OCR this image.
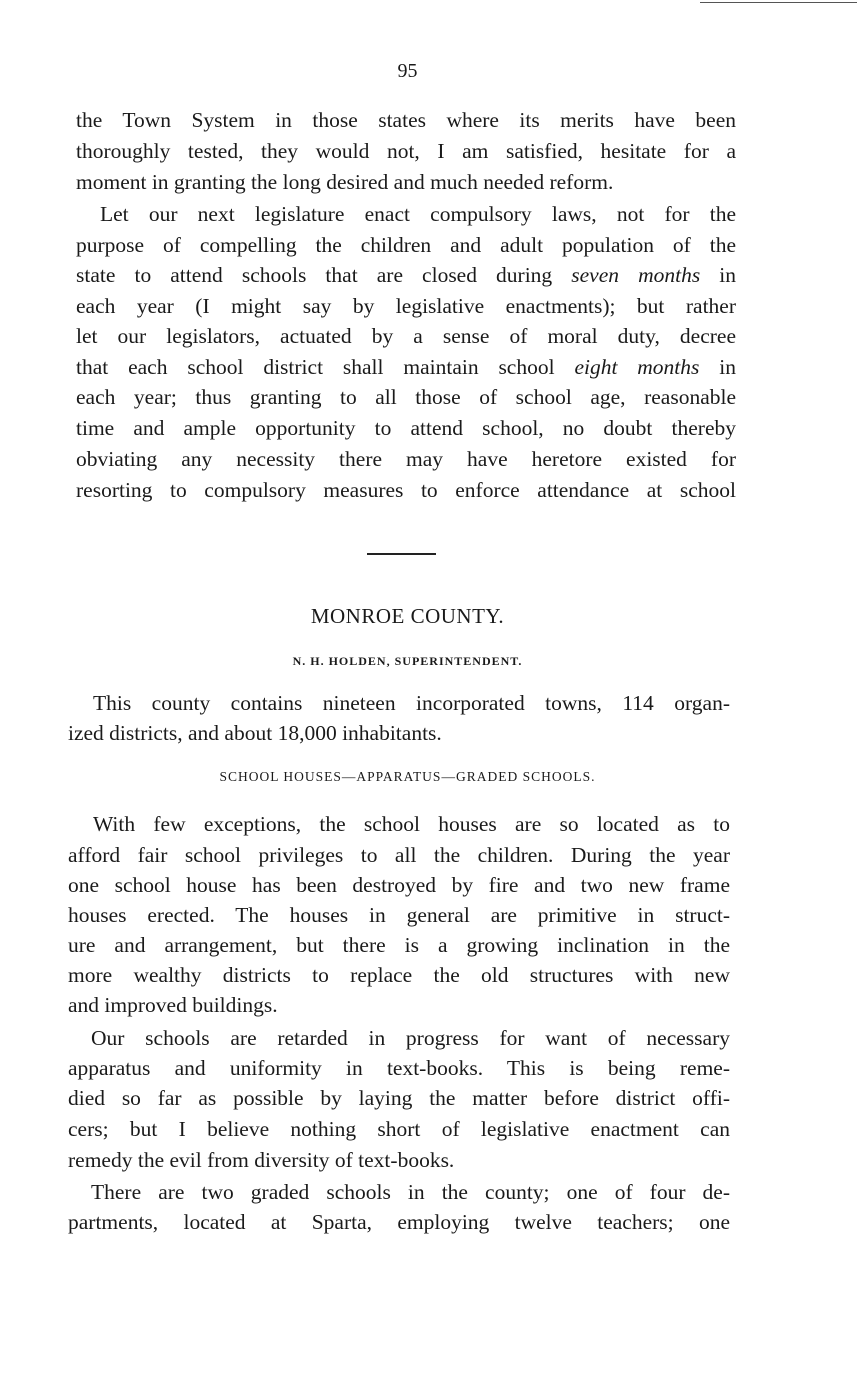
95
the Town System in those states where its merits have been
thoroughly tested, they would not, I am satisfied, hesitate for a
moment in granting the long desired and much needed reform.
Let our next legislature enact compulsory laws, not for the
purpose of compelling the children and adult population of the
state to attend schools that are closed during seven months in
each year (I might say by legislative enactments); but rather
let our legislators, actuated by a sense of moral duty, decree
that each school district shall maintain school eight months in
each year; thus granting to all those of school age, reasonable
time and ample opportunity to attend school, no doubt thereby
obviating any necessity there may have heretore existed for
resorting to compulsory measures to enforce attendance at school
MONROE COUNTY.
N. H. HOLDEN, SUPERINTENDENT.
This county contains nineteen incorporated towns, 114 organ-
ized districts, and about 18,000 inhabitants.
SCHOOL HOUSES—APPARATUS—GRADED SCHOOLS.
With few exceptions, the school houses are so located as to
afford fair school privileges to all the children. During the year
one school house has been destroyed by fire and two new frame
houses erected. The houses in general are primitive in struct-
ure and arrangement, but there is a growing inclination in the
more wealthy districts to replace the old structures with new
and improved buildings.
Our schools are retarded in progress for want of necessary
apparatus and uniformity in text-books. This is being reme-
died so far as possible by laying the matter before district offi-
cers; but I believe nothing short of legislative enactment can
remedy the evil from diversity of text-books.
There are two graded schools in the county; one of four de-
partments, located at Sparta, employing twelve teachers; one
